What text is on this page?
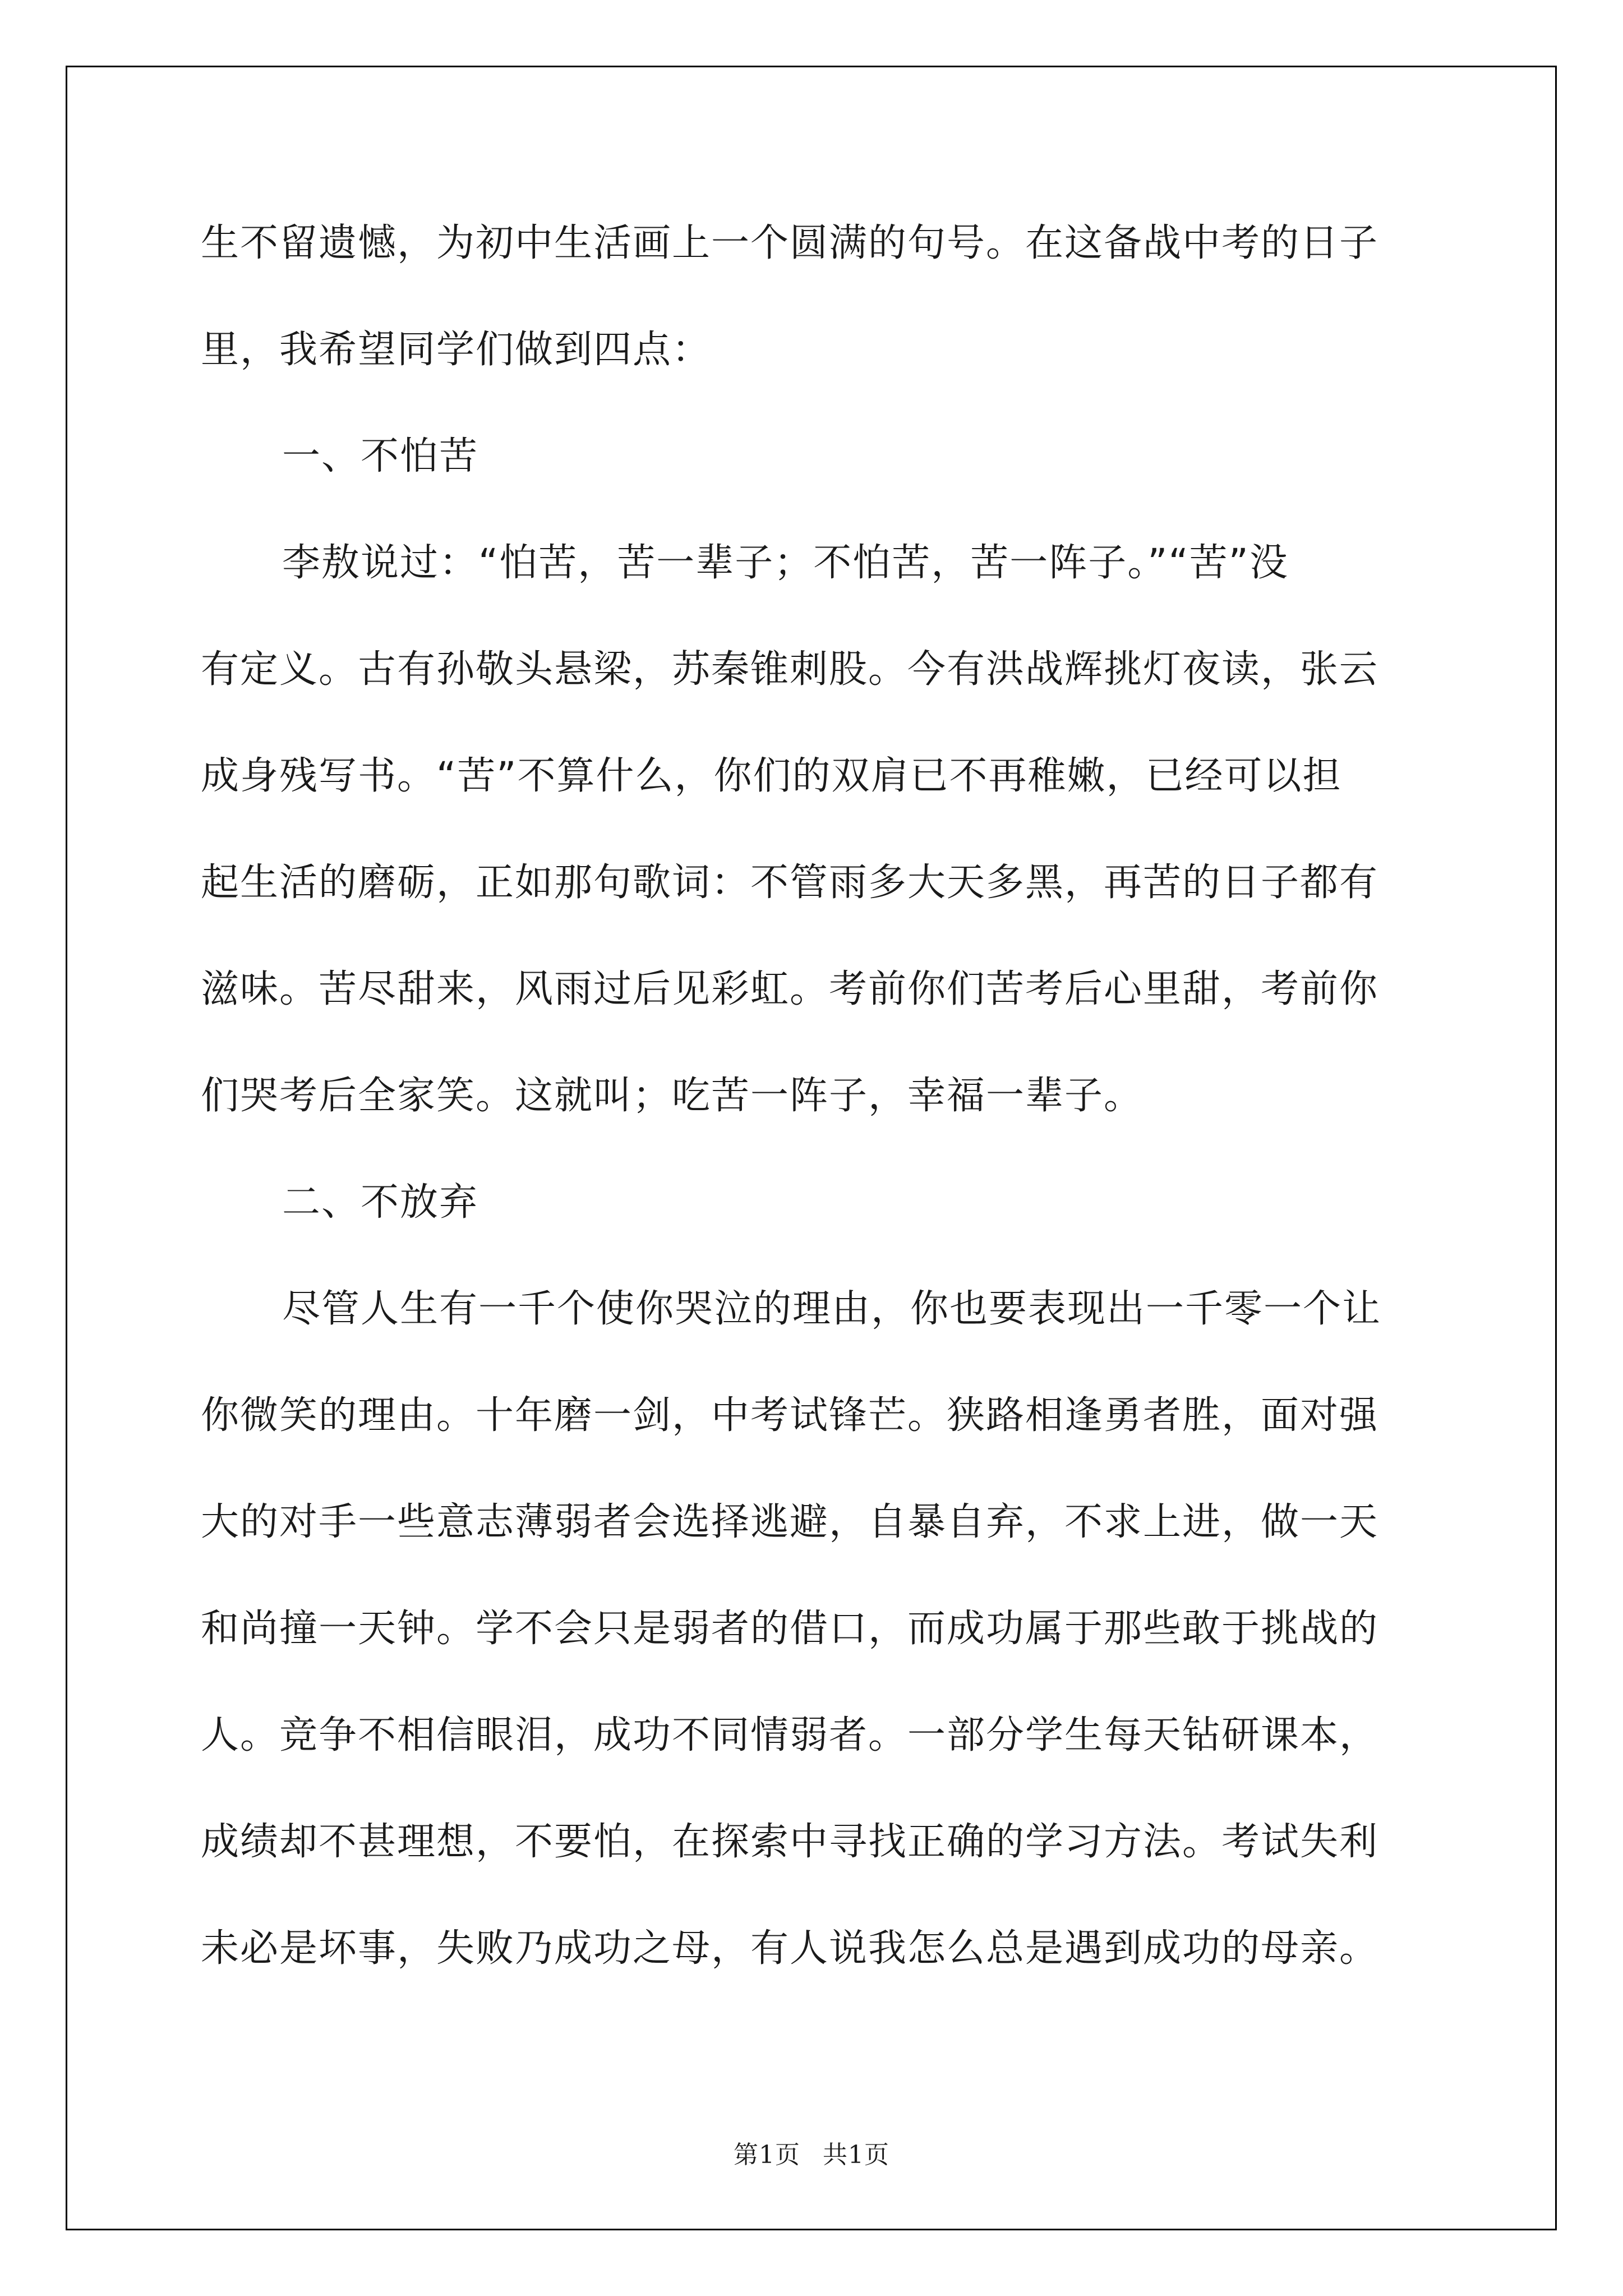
生不留遗憾，为初中生活画上一个圆满的句号。在这备战中考的日子
里，我希望同学们做到四点：
一、不怕苦
李敖说过：“怕苦，苦一辈子；不怕苦，苦一阵子。”“苦”没
有定义。古有孙敬头悬梁，苏秦锥刺股。今有洪战辉挑灯夜读，张云
成身残写书。“苦”不算什么，你们的双肩已不再稚嫩，已经可以担
起生活的磨砺，正如那句歌词：不管雨多大天多黑，再苦的日子都有
滋味。苦尽甜来，风雨过后见彩虹。考前你们苦考后心里甜，考前你
们哭考后全家笑。这就叫；吃苦一阵子，幸福一辈子。
二、不放弃
尽管人生有一千个使你哭泣的理由，你也要表现出一千零一个让
你微笑的理由。十年磨一剑，中考试锋芒。狭路相逢勇者胜，面对强
大的对手一些意志薄弱者会选择逃避，自暴自弃，不求上进，做一天
和尚撞一天钟。学不会只是弱者的借口，而成功属于那些敢于挑战的
人。竞争不相信眼泪，成功不同情弱者。一部分学生每天钻研课本，
成绩却不甚理想，不要怕，在探索中寻找正确的学习方法。考试失利
未必是坏事，失败乃成功之母，有人说我怎么总是遇到成功的母亲。
第1页 共1页
